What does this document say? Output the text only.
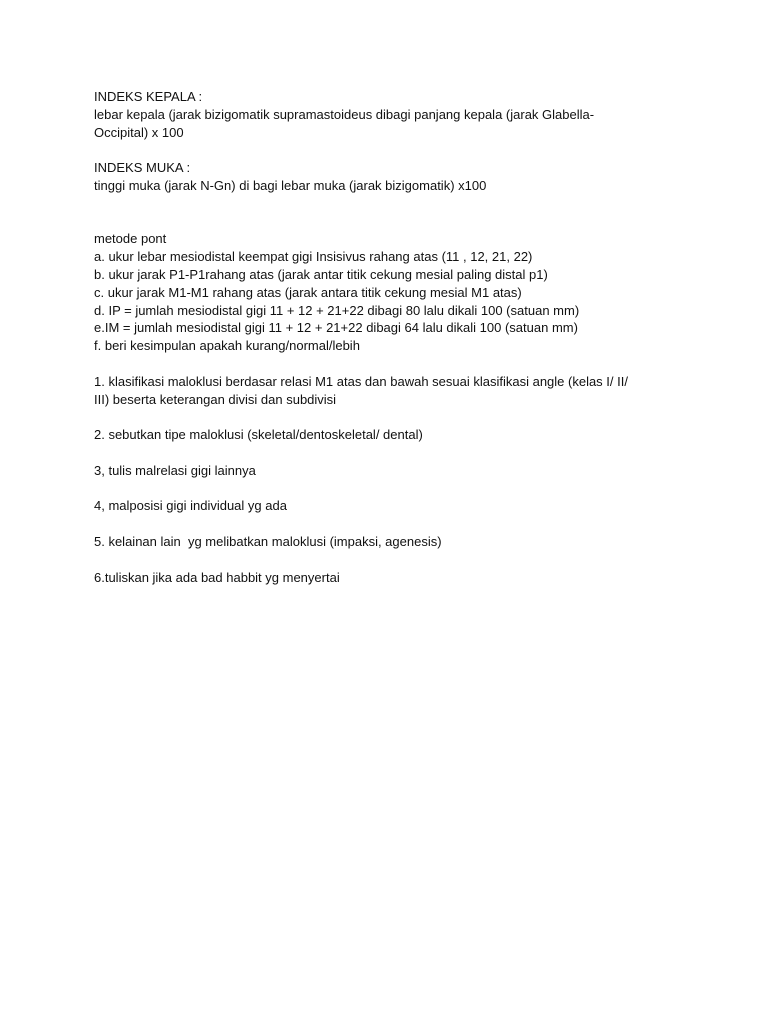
INDEKS KEPALA :
lebar kepala (jarak bizigomatik supramastoideus dibagi panjang kepala (jarak Glabella-
Occipital) x 100
INDEKS MUKA :
tinggi muka (jarak N-Gn) di bagi lebar muka (jarak bizigomatik) x100
metode pont
a. ukur lebar mesiodistal keempat gigi Insisivus rahang atas (11 , 12, 21, 22)
b. ukur jarak P1-P1rahang atas (jarak antar titik cekung mesial paling distal p1)
c. ukur jarak M1-M1 rahang atas (jarak antara titik cekung mesial M1 atas)
d. IP = jumlah mesiodistal gigi 11 + 12 + 21+22 dibagi 80 lalu dikali 100 (satuan mm)
e.IM = jumlah mesiodistal gigi 11 + 12 + 21+22 dibagi 64 lalu dikali 100 (satuan mm)
f. beri kesimpulan apakah kurang/normal/lebih
1. klasifikasi maloklusi berdasar relasi M1 atas dan bawah sesuai klasifikasi angle (kelas I/ II/
III) beserta keterangan divisi dan subdivisi
2. sebutkan tipe maloklusi (skeletal/dentoskeletal/ dental)
3, tulis malrelasi gigi lainnya
4, malposisi gigi individual yg ada
5. kelainan lain  yg melibatkan maloklusi (impaksi, agenesis)
6.tuliskan jika ada bad habbit yg menyertai
